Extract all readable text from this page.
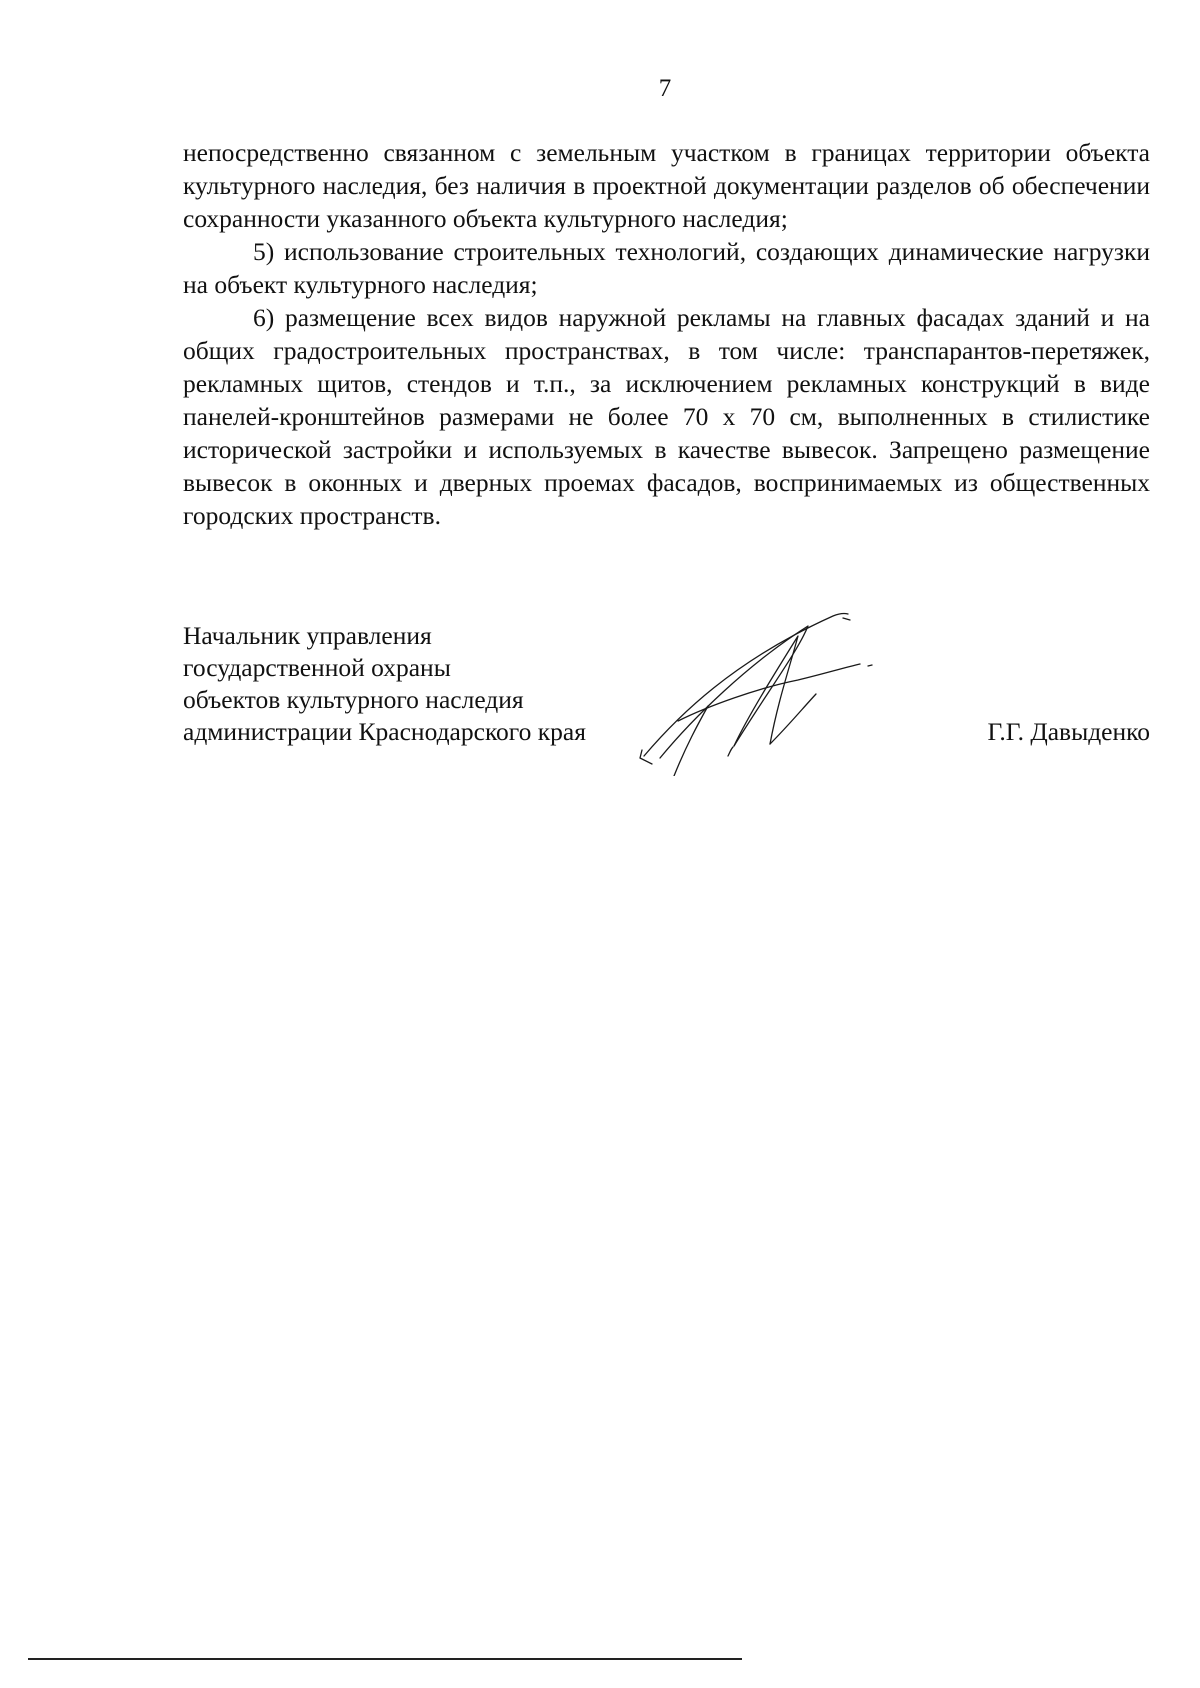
7

непосредственно связанном с земельным участком в границах территории объекта культурного наследия, без наличия в проектной документации разделов об обеспечении сохранности указанного объекта культурного наследия;

5) использование строительных технологий, создающих динамические нагрузки на объект культурного наследия;

6) размещение всех видов наружной рекламы на главных фасадах зданий и на общих градостроительных пространствах, в том числе: транспарантов-перетяжек, рекламных щитов, стендов и т.п., за исключением рекламных конструкций в виде панелей-кронштейнов размерами не более 70 х 70 см, выполненных в стилистике исторической застройки и используемых в качестве вывесок. Запрещено размещение вывесок в оконных и дверных проемах фасадов, воспринимаемых из общественных городских пространств.

Начальник управления
государственной охраны
объектов культурного наследия
администрации Краснодарского края	Г.Г. Давыденко
